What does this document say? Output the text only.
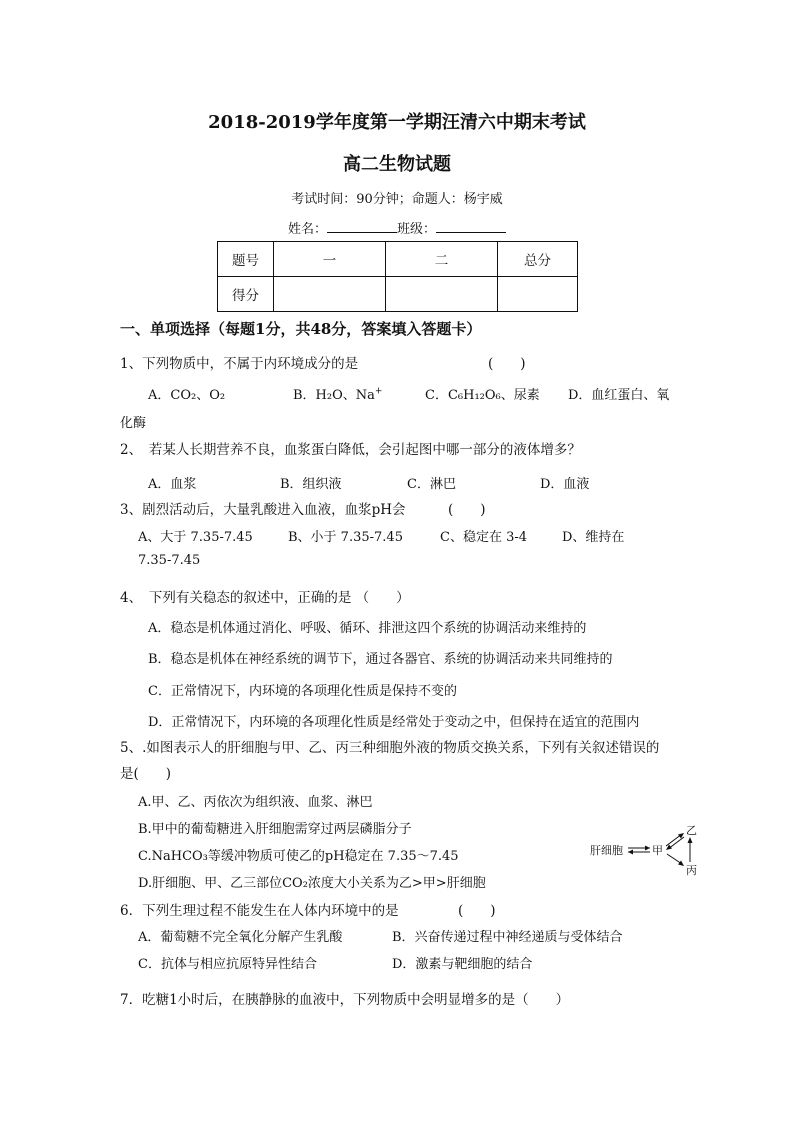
2018-2019学年度第一学期汪清六中期末考试
高二生物试题
考试时间：90分钟；命题人：杨宇威
姓名：	班级：
题号	一	二	总分
得分			
一、单项选择（每题1分，共48分，答案填入答题卡）
1、下列物质中，不属于内环境成分的是	(　　)
A．CO₂、O₂	B．H₂O、Na+	C．C₆H₁₂O₆、尿素 D．血红蛋白、氧
化酶
2、　若某人长期营养不良，血浆蛋白降低，会引起图中哪一部分的液体增多？
A．血浆	B．组织液	C．淋巴	D．血液
3、剧烈活动后，大量乳酸进入血液，血浆pH会	(　　)
A、大于 7.35-7.45	B、小于 7.35-7.45	C、稳定在 3-4	D、维持在
7.35-7.45
4、　下列有关稳态的叙述中，正确的是 （　　）
A．稳态是机体通过消化、呼吸、循环、排泄这四个系统的协调活动来维持的
B．稳态是机体在神经系统的调节下，通过各器官、系统的协调活动来共同维持的
C．正常情况下，内环境的各项理化性质是保持不变的
D．正常情况下，内环境的各项理化性质是经常处于变动之中，但保持在适宜的范围内
5、.如图表示人的肝细胞与甲、乙、丙三种细胞外液的物质交换关系，下列有关叙述错误的
是(　　)
A.甲、乙、丙依次为组织液、血浆、淋巴
B.甲中的葡萄糖进入肝细胞需穿过两层磷脂分子
C.NaHCO₃等缓冲物质可使乙的pH稳定在 7.35～7.45
D.肝细胞、甲、乙三部位CO₂浓度大小关系为乙>甲>肝细胞
肝细胞	甲
乙
丙
6．下列生理过程不能发生在人体内环境中的是	(　　)
A．葡萄糖不完全氧化分解产生乳酸	B．兴奋传递过程中神经递质与受体结合
C．抗体与相应抗原特异性结合	D．激素与靶细胞的结合
7．吃糖1小时后，在胰静脉的血液中，下列物质中会明显增多的是（　　）
